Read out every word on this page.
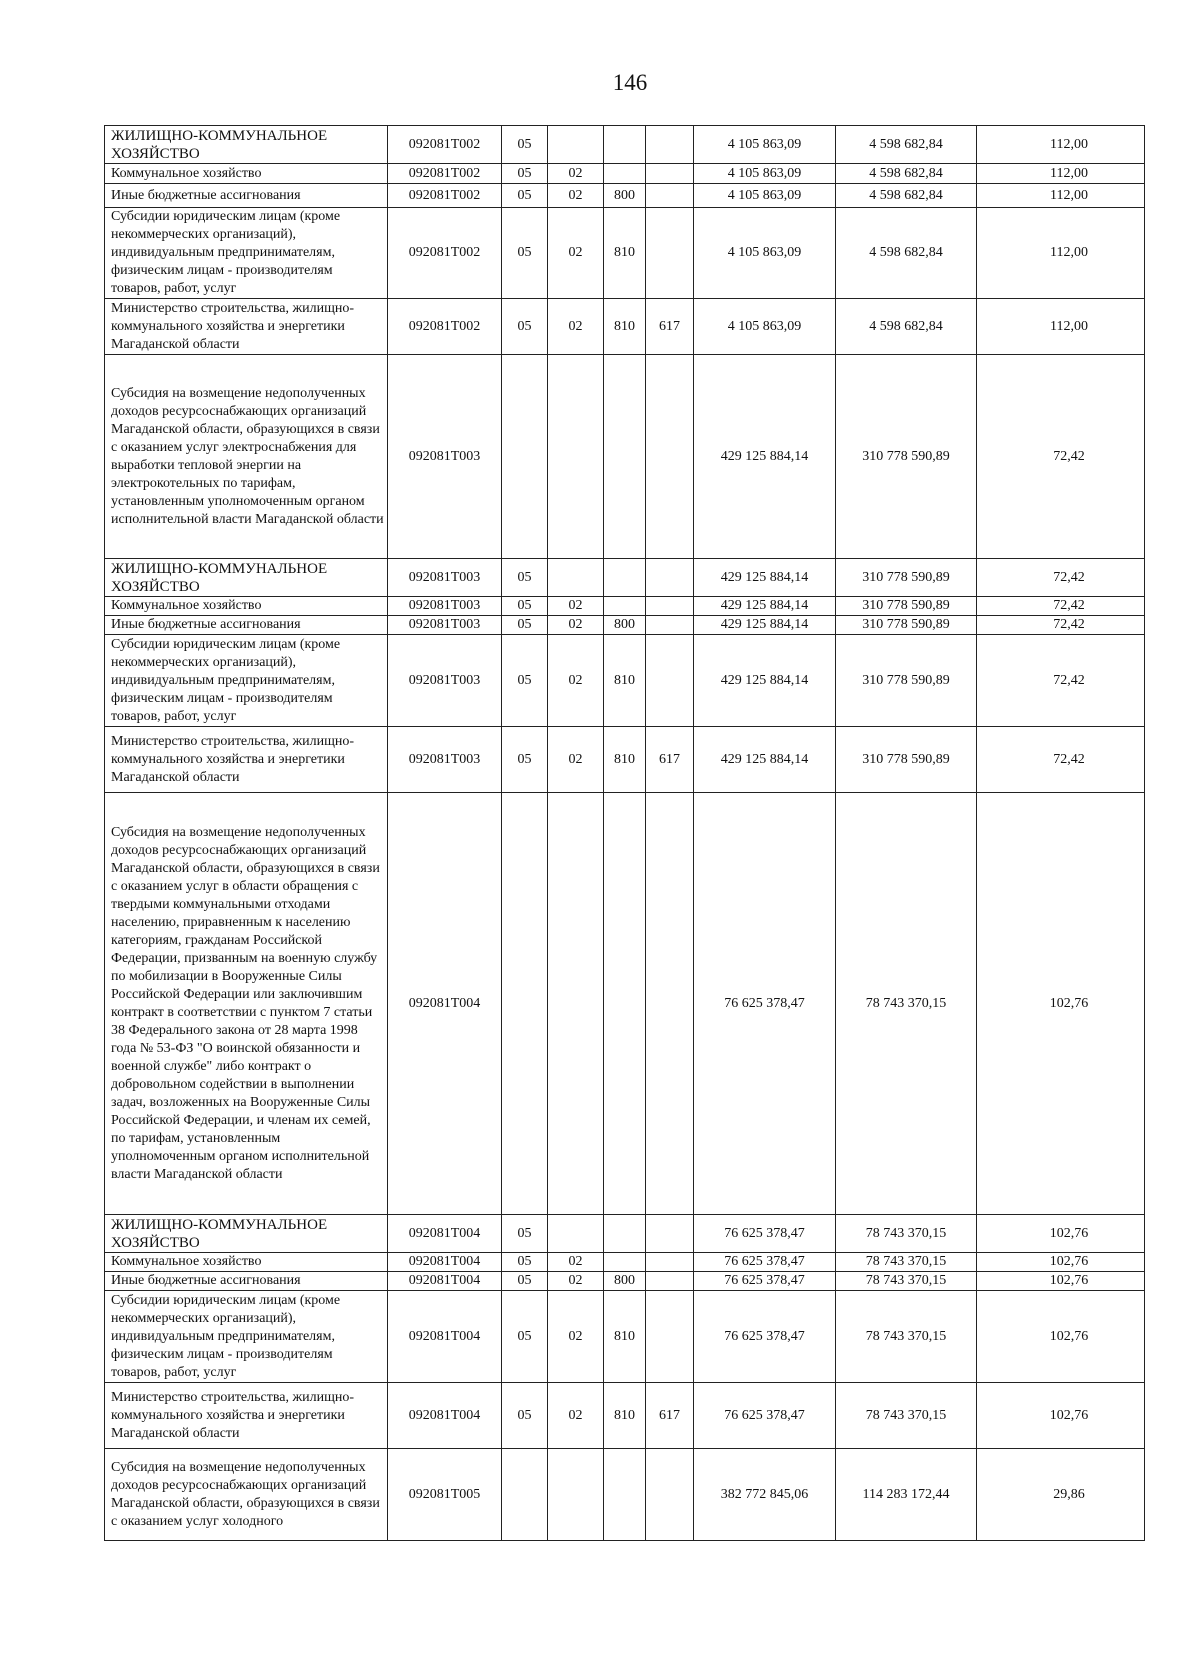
146
ЖИЛИЩНО-КОММУНАЛЬНОЕ ХОЗЯЙСТВО	092081Т002	05				4 105 863,09	4 598 682,84	112,00
Коммунальное хозяйство	092081Т002	05	02			4 105 863,09	4 598 682,84	112,00
Иные бюджетные ассигнования	092081Т002	05	02	800		4 105 863,09	4 598 682,84	112,00
Субсидии юридическим лицам (кроме некоммерческих организаций), индивидуальным предпринимателям, физическим лицам - производителям товаров, работ, услуг	092081Т002	05	02	810		4 105 863,09	4 598 682,84	112,00
Министерство строительства, жилищно-коммунального хозяйства и энергетики Магаданской области	092081Т002	05	02	810	617	4 105 863,09	4 598 682,84	112,00
Субсидия на возмещение недополученных доходов ресурсоснабжающих организаций Магаданской области, образующихся в связи с оказанием услуг электроснабжения для выработки тепловой энергии на электрокотельных по тарифам, установленным уполномоченным органом исполнительной власти Магаданской области	092081Т003					429 125 884,14	310 778 590,89	72,42
ЖИЛИЩНО-КОММУНАЛЬНОЕ ХОЗЯЙСТВО	092081Т003	05				429 125 884,14	310 778 590,89	72,42
Коммунальное хозяйство	092081Т003	05	02			429 125 884,14	310 778 590,89	72,42
Иные бюджетные ассигнования	092081Т003	05	02	800		429 125 884,14	310 778 590,89	72,42
Субсидии юридическим лицам (кроме некоммерческих организаций), индивидуальным предпринимателям, физическим лицам - производителям товаров, работ, услуг	092081Т003	05	02	810		429 125 884,14	310 778 590,89	72,42
Министерство строительства, жилищно-коммунального хозяйства и энергетики Магаданской области	092081Т003	05	02	810	617	429 125 884,14	310 778 590,89	72,42
Субсидия на возмещение недополученных доходов ресурсоснабжающих организаций Магаданской области, образующихся в связи с оказанием услуг в области обращения с твердыми коммунальными отходами населению, приравненным к населению категориям, гражданам Российской Федерации, призванным на военную службу по мобилизации в Вооруженные Силы Российской Федерации или заключившим контракт в соответствии с пунктом 7 статьи 38 Федерального закона от 28 марта 1998 года № 53-ФЗ "О воинской обязанности и военной службе" либо контракт о добровольном содействии в выполнении задач, возложенных на Вооруженные Силы Российской Федерации, и членам их семей, по тарифам, установленным уполномоченным органом исполнительной власти Магаданской области	092081Т004					76 625 378,47	78 743 370,15	102,76
ЖИЛИЩНО-КОММУНАЛЬНОЕ ХОЗЯЙСТВО	092081Т004	05				76 625 378,47	78 743 370,15	102,76
Коммунальное хозяйство	092081Т004	05	02			76 625 378,47	78 743 370,15	102,76
Иные бюджетные ассигнования	092081Т004	05	02	800		76 625 378,47	78 743 370,15	102,76
Субсидии юридическим лицам (кроме некоммерческих организаций), индивидуальным предпринимателям, физическим лицам - производителям товаров, работ, услуг	092081Т004	05	02	810		76 625 378,47	78 743 370,15	102,76
Министерство строительства, жилищно-коммунального хозяйства и энергетики Магаданской области	092081Т004	05	02	810	617	76 625 378,47	78 743 370,15	102,76
Субсидия на возмещение недополученных доходов ресурсоснабжающих организаций Магаданской области, образующихся в связи с оказанием услуг холодного	092081Т005					382 772 845,06	114 283 172,44	29,86
